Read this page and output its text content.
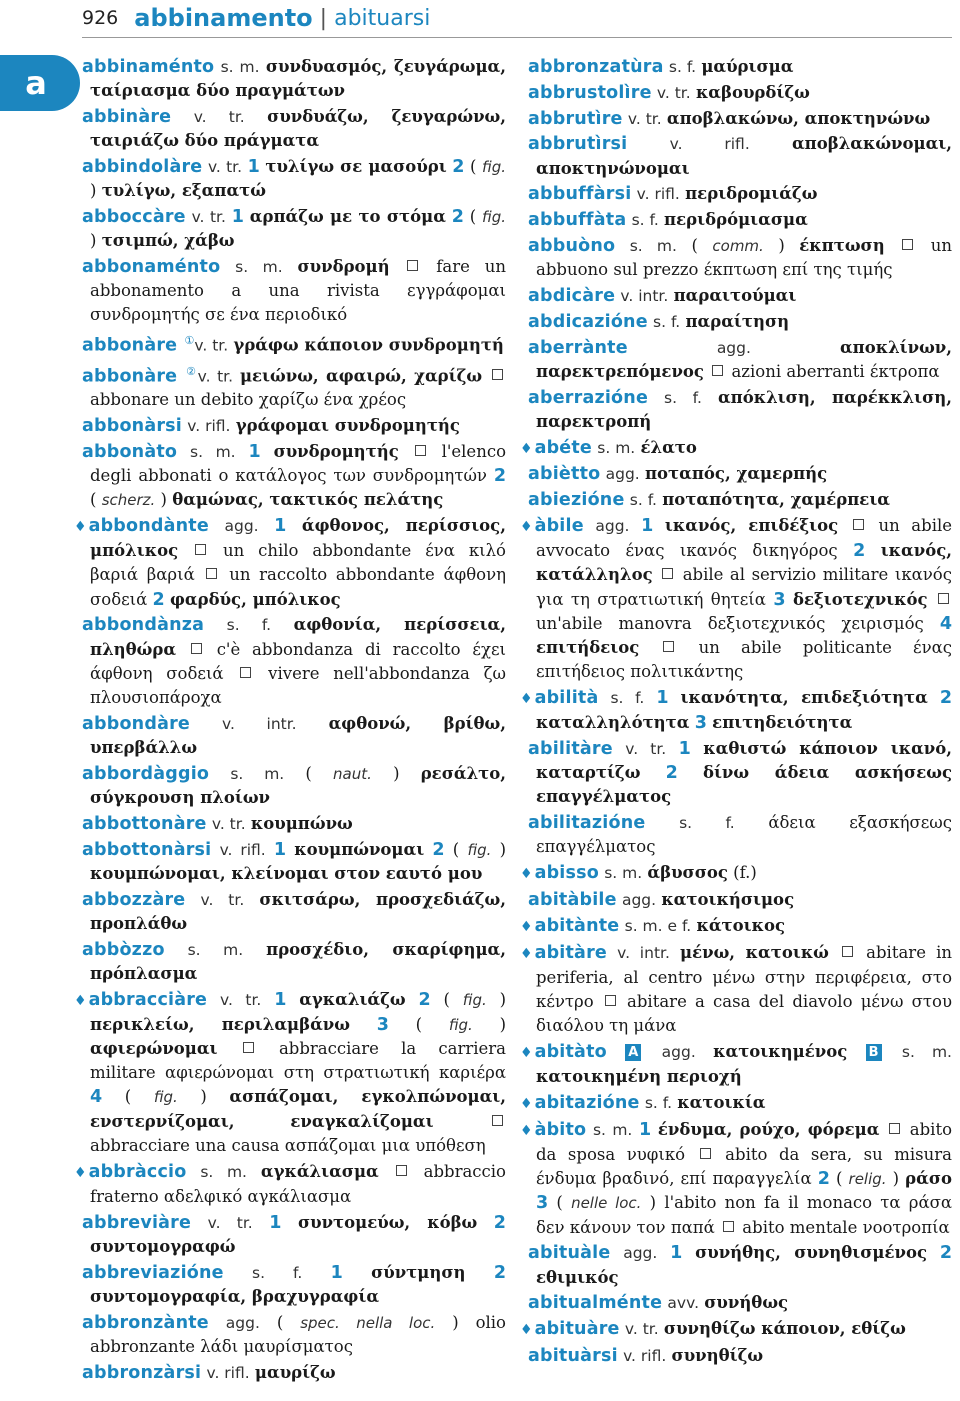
926 abbinamento | abituarsi
a	abbinaménto s. m. συνδυασμός, ζευγάρωμα, ταίριασμα δύο πραγμάτων

abbinàre v. tr. συνδυάζω, ζευγαρώνω, ταιριάζω δύο πράγματα

abbindolàre v. tr. 1 τυλίγω σε μασούρι 2 ( fig. ) τυλίγω, εξαπατώ

abboccàre v. tr. 1 αρπάζω με το στόμα 2 ( fig. ) τσιμπώ, χάβω

abbonaménto s. m. συνδρομή	fare un abbonamento a una rivista εγγράφομαι συνδρομητής σε ένα περιοδικό

abbonàre ①v. tr. γράφω κάποιον συνδρομητή

abbonàre ②v. tr. μειώνω, αφαιρώ, χαρίζω  abbonare un debito χαρίζω ένα χρέος

abbonàrsi v. rifl. γράφομαι συνδρομητής

abbonàto s. m. 1 συνδρομητής	l'elenco degli abbonati ο κατάλογος των συνδρομητών 2 ( scherz. ) θαμώνας, τακτικός πελάτης

♦ abbondànte agg. 1 άφθονος, περίσσιος, μπόλικος	un chilo abbondante ένα κιλό βαριά βαριά un raccolto abbondante άφθονη σοδειά 2 φαρδύς, μπόλικος

abbondànza s. f. αφθονία, περίσσεια, πληθώρα c'è abbondanza di raccolto έχει άφθονη σοδειά	vivere nell'abbondanza ζω πλουσιοπάροχα

abbondàre v. intr. αφθονώ, βρίθω, υπερβάλλω

abbordàggio s. m. ( naut. ) ρεσάλτο, σύγκρουση πλοίων

abbottonàre v. tr. κουμπώνω

abbottonàrsi v. rifl. 1 κουμπώνομαι 2 ( fig. ) κουμπώνομαι, κλείνομαι στον εαυτό μου

abbozzàre v. tr. σκιτσάρω, προσχεδιάζω, προπλάθω

abbòzzo s. m. προσχέδιο, σκαρίφημα, πρόπλασμα

♦ abbracciàre v. tr. 1 αγκαλιάζω 2 ( fig. ) περικλείω, περιλαμβάνω 3 ( fig. ) αφιερώνομαι	abbracciare la carriera militare αφιερώνομαι στη στρατιωτική καριέρα 4 ( fig. ) ασπάζομαι, εγκολπώνομαι, ενστερνίζομαι, εναγκαλίζομαι  abbracciare una causa ασπάζομαι μια υπόθεση

♦ abbràccio s. m. αγκάλιασμα	abbraccio fraterno αδελφικό αγκάλιασμα

abbreviàre v. tr. 1 συντομεύω, κόβω 2 συντομογραφώ

abbreviazióne s. f. 1 σύντμηση 2 συντομογραφία, βραχυγραφία

abbronzànte agg. ( spec. nella loc. ) olio abbronzante λάδι μαυρίσματος

abbronzàrsi v. rifl. μαυρίζω

abbronzatùra s. f. μαύρισμα

abbrustolìre v. tr. καβουρδίζω

abbrutìre v. tr. αποβλακώνω, αποκτηνώνω

abbrutìrsi	v. rifl.	αποβλακώνομαι, αποκτηνώνομαι

abbuffàrsi v. rifl. περιδρομιάζω

abbuffàta s. f. περιδρόμιασμα

abbuòno s. m. ( comm. ) έκπτωση	un abbuono sul prezzo έκπτωση επί της τιμής

abdicàre v. intr. παραιτούμαι

abdicazióne s. f. παραίτηση

aberrànte	agg.	αποκλίνων, παρεκτρεπόμενος azioni aberranti έκτροπα

aberrazióne s. f. απόκλιση, παρέκκλιση, παρεκτροπή

♦ abéte s. m. έλατο

abiètto agg. ποταπός, χαμερπής

abiezióne s. f. ποταπότητα, χαμέρπεια

♦ àbile agg. 1 ικανός, επιδέξιος un abile avvocato ένας ικανός δικηγόρος 2 ικανός, κατάλληλος abile al servizio militare ικανός για τη στρατιωτική θητεία 3 δεξιοτεχνικός  un'abile manovra δεξιοτεχνικός χειρισμός 4 επιτήδειος	un abile politicante ένας επιτήδειος πολιτικάντης

♦ abilità s. f. 1 ικανότητα, επιδεξιότητα 2 καταλληλότητα 3 επιτηδειότητα

abilitàre v. tr. 1 καθιστώ κάποιον ικανό, καταρτίζω 2 δίνω άδεια ασκήσεως επαγγέλματος

abilitazióne s. f. άδεια εξασκήσεως επαγγέλματος

♦ abisso s. m. άβυσσος (f.)

abitàbile agg. κατοικήσιμος

♦ abitànte s. m. e f. κάτοικος

♦ abitàre v. intr. μένω, κατοικώ abitare in periferia, al centro μένω στην περιφέρεια, στο κέντρο abitare a casa del diavolo μένω στου διαόλου τη μάνα

♦ abitàto A agg. κατοικημένος B s. m. κατοικημένη περιοχή

♦ abitazióne s. f. κατοικία

♦ àbito s. m. 1 ένδυμα, ρούχο, φόρεμα abito da sposa νυφικό abito da sera, su misura ένδυμα βραδινό, επί παραγγελία 2 ( relig. ) ράσο 3 ( nelle loc. ) l'abito non fa il monaco τα ράσα δεν κάνουν τον παπά abito mentale νοοτροπία

abituàle agg. 1 συνήθης, συνηθισμένος 2 εθιμικός

abitualménte avv. συνήθως

♦ abituàre v. tr. συνηθίζω κάποιον, εθίζω

abituàrsi v. rifl. συνηθίζω
